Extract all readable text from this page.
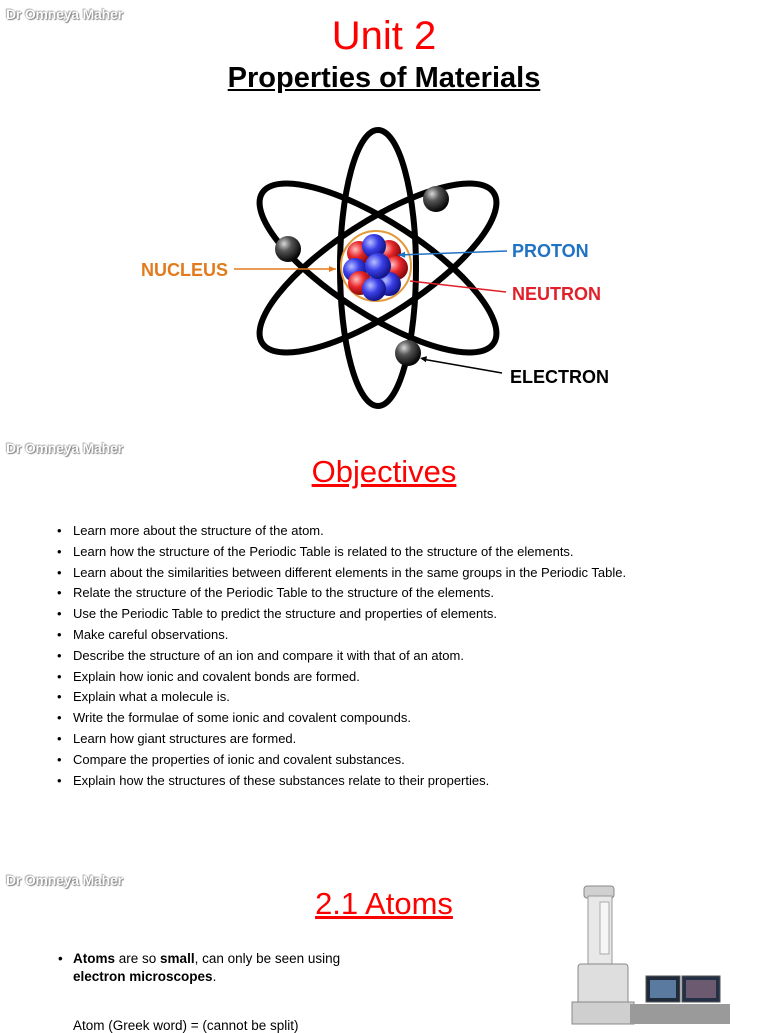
Dr Omneya Maher	Unit 2
Properties of Materials
NUCLEUS
PROTON
NEUTRON
ELECTRON
Dr Omneya Maher
Objectives
• Learn more about the structure of the atom.
• Learn how the structure of the Periodic Table is related to the structure of the elements.
• Learn about the similarities between different elements in the same groups in the Periodic Table.
• Relate the structure of the Periodic Table to the structure of the elements.
• Use the Periodic Table to predict the structure and properties of elements.
• Make careful observations.
• Describe the structure of an ion and compare it with that of an atom.
• Explain how ionic and covalent bonds are formed.
• Explain what a molecule is.
• Write the formulae of some ionic and covalent compounds.
• Learn how giant structures are formed.
• Compare the properties of ionic and covalent substances.
• Explain how the structures of these substances relate to their properties.
Dr Omneya Maher
2.1 Atoms
• Atoms are so small, can only be seen using electron microscopes.
Atom (Greek word) = (cannot be split)
